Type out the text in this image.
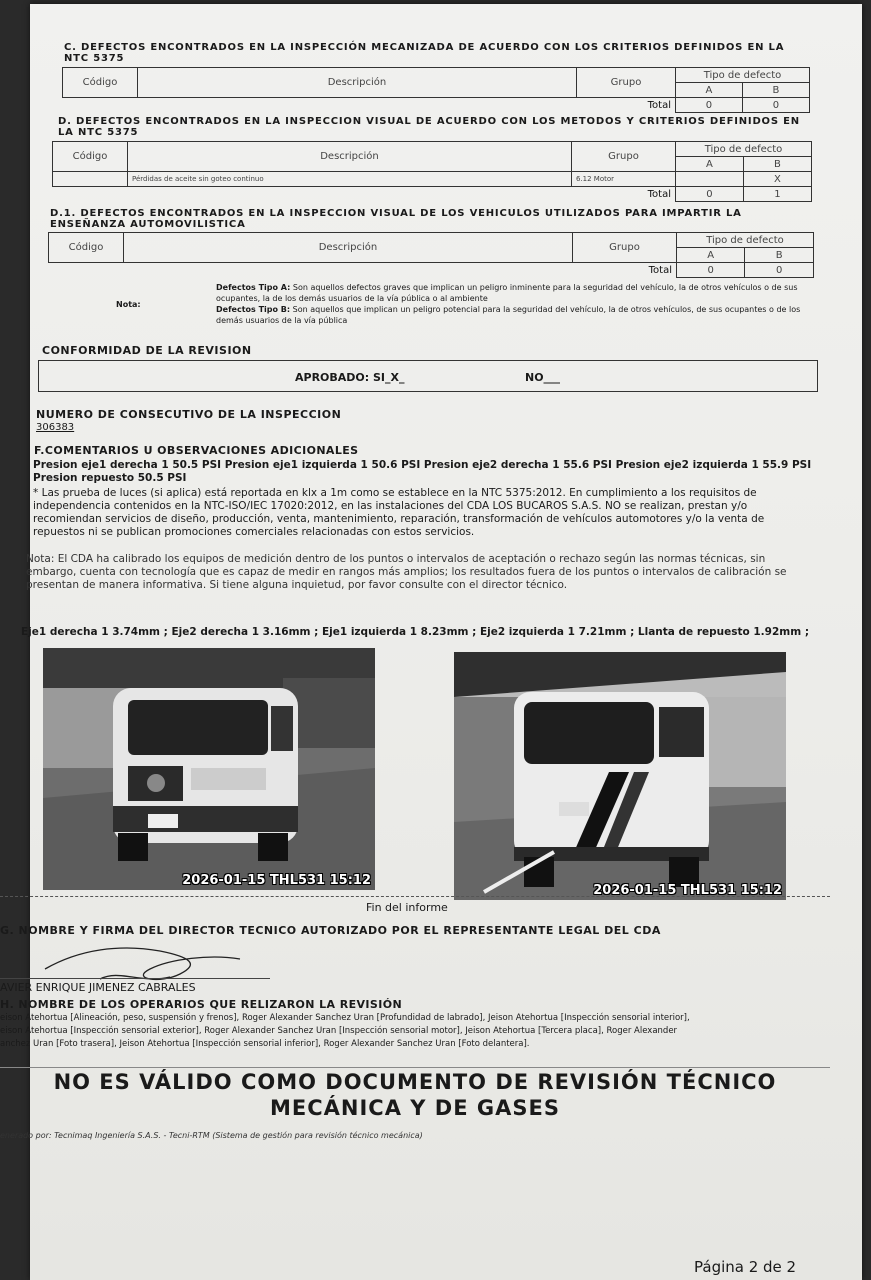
C. DEFECTOS ENCONTRADOS EN LA INSPECCIÓN MECANIZADA DE ACUERDO CON LOS CRITERIOS DEFINIDOS EN LA NTC 5375
Código	Descripción	Grupo	Tipo de defecto	
			A	B
		Total	0	0
D. DEFECTOS ENCONTRADOS EN LA INSPECCION VISUAL DE ACUERDO CON LOS METODOS Y CRITERIOS DEFINIDOS EN LA NTC 5375
Código	Descripción	Grupo	Tipo de defecto	
			A	B
	Pérdidas de aceite sin goteo continuo	6.12 Motor		X
		Total	0	1
D.1. DEFECTOS ENCONTRADOS EN LA INSPECCION VISUAL DE LOS VEHICULOS UTILIZADOS PARA IMPARTIR LA ENSEÑANZA AUTOMOVILISTICA
Código	Descripción	Grupo	Tipo de defecto	
			A	B
		Total	0	0
Nota:
Defectos Tipo A: Son aquellos defectos graves que implican un peligro inminente para la seguridad del vehículo, la de otros vehículos o de sus ocupantes, la de los demás usuarios de la vía pública o al ambiente
Defectos Tipo B: Son aquellos que implican un peligro potencial para la seguridad del vehículo, la de otros vehículos, de sus ocupantes o de los demás usuarios de la vía pública
CONFORMIDAD DE LA REVISION
APROBADO: SI_X_	NO___
NUMERO DE CONSECUTIVO DE LA INSPECCION
306383
F.COMENTARIOS U OBSERVACIONES ADICIONALES
Presion eje1 derecha 1 50.5 PSI Presion eje1 izquierda 1 50.6 PSI Presion eje2 derecha 1 55.6 PSI Presion eje2 izquierda 1 55.9 PSI Presion repuesto 50.5 PSI
* Las prueba de luces (si aplica) está reportada en klx a 1m como se establece en la NTC 5375:2012. En cumplimiento a los requisitos de independencia contenidos en la NTC-ISO/IEC 17020:2012, en las instalaciones del CDA LOS BUCAROS S.A.S. NO se realizan, prestan y/o recomiendan servicios de diseño, producción, venta, mantenimiento, reparación, transformación de vehículos automotores y/o la venta de repuestos ni se publican promociones comerciales relacionadas con estos servicios.
Nota: El CDA ha calibrado los equipos de medición dentro de los puntos o intervalos de aceptación o rechazo según las normas técnicas, sin embargo, cuenta con tecnología que es capaz de medir en rangos más amplios; los resultados fuera de los puntos o intervalos de calibración se presentan de manera informativa. Si tiene alguna inquietud, por favor consulte con el director técnico.
Eje1 derecha 1 3.74mm ; Eje2 derecha 1 3.16mm ; Eje1 izquierda 1 8.23mm ; Eje2 izquierda 1 7.21mm ; Llanta de repuesto 1.92mm ;
2026-01-15 THL531 15:12
2026-01-15 THL531 15:12
Fin del informe
G. NOMBRE Y FIRMA DEL DIRECTOR TECNICO AUTORIZADO POR EL REPRESENTANTE LEGAL DEL CDA
AVIER ENRIQUE JIMENEZ CABRALES
H. NOMBRE DE LOS OPERARIOS QUE RELIZARON LA REVISIÓN
eison Atehortua [Alineación, peso, suspensión y frenos], Roger Alexander Sanchez Uran [Profundidad de labrado], Jeison Atehortua [Inspección sensorial interior],
eison Atehortua [Inspección sensorial exterior], Roger Alexander Sanchez Uran [Inspección sensorial motor], Jeison Atehortua [Tercera placa], Roger Alexander
anchez Uran [Foto trasera], Jeison Atehortua [Inspección sensorial inferior], Roger Alexander Sanchez Uran [Foto delantera].
NO ES VÁLIDO COMO DOCUMENTO DE REVISIÓN TÉCNICO
MECÁNICA Y DE GASES
enerado por: Tecnimaq Ingeniería S.A.S. - Tecni-RTM (Sistema de gestión para revisión técnico mecánica)
Página 2 de 2
